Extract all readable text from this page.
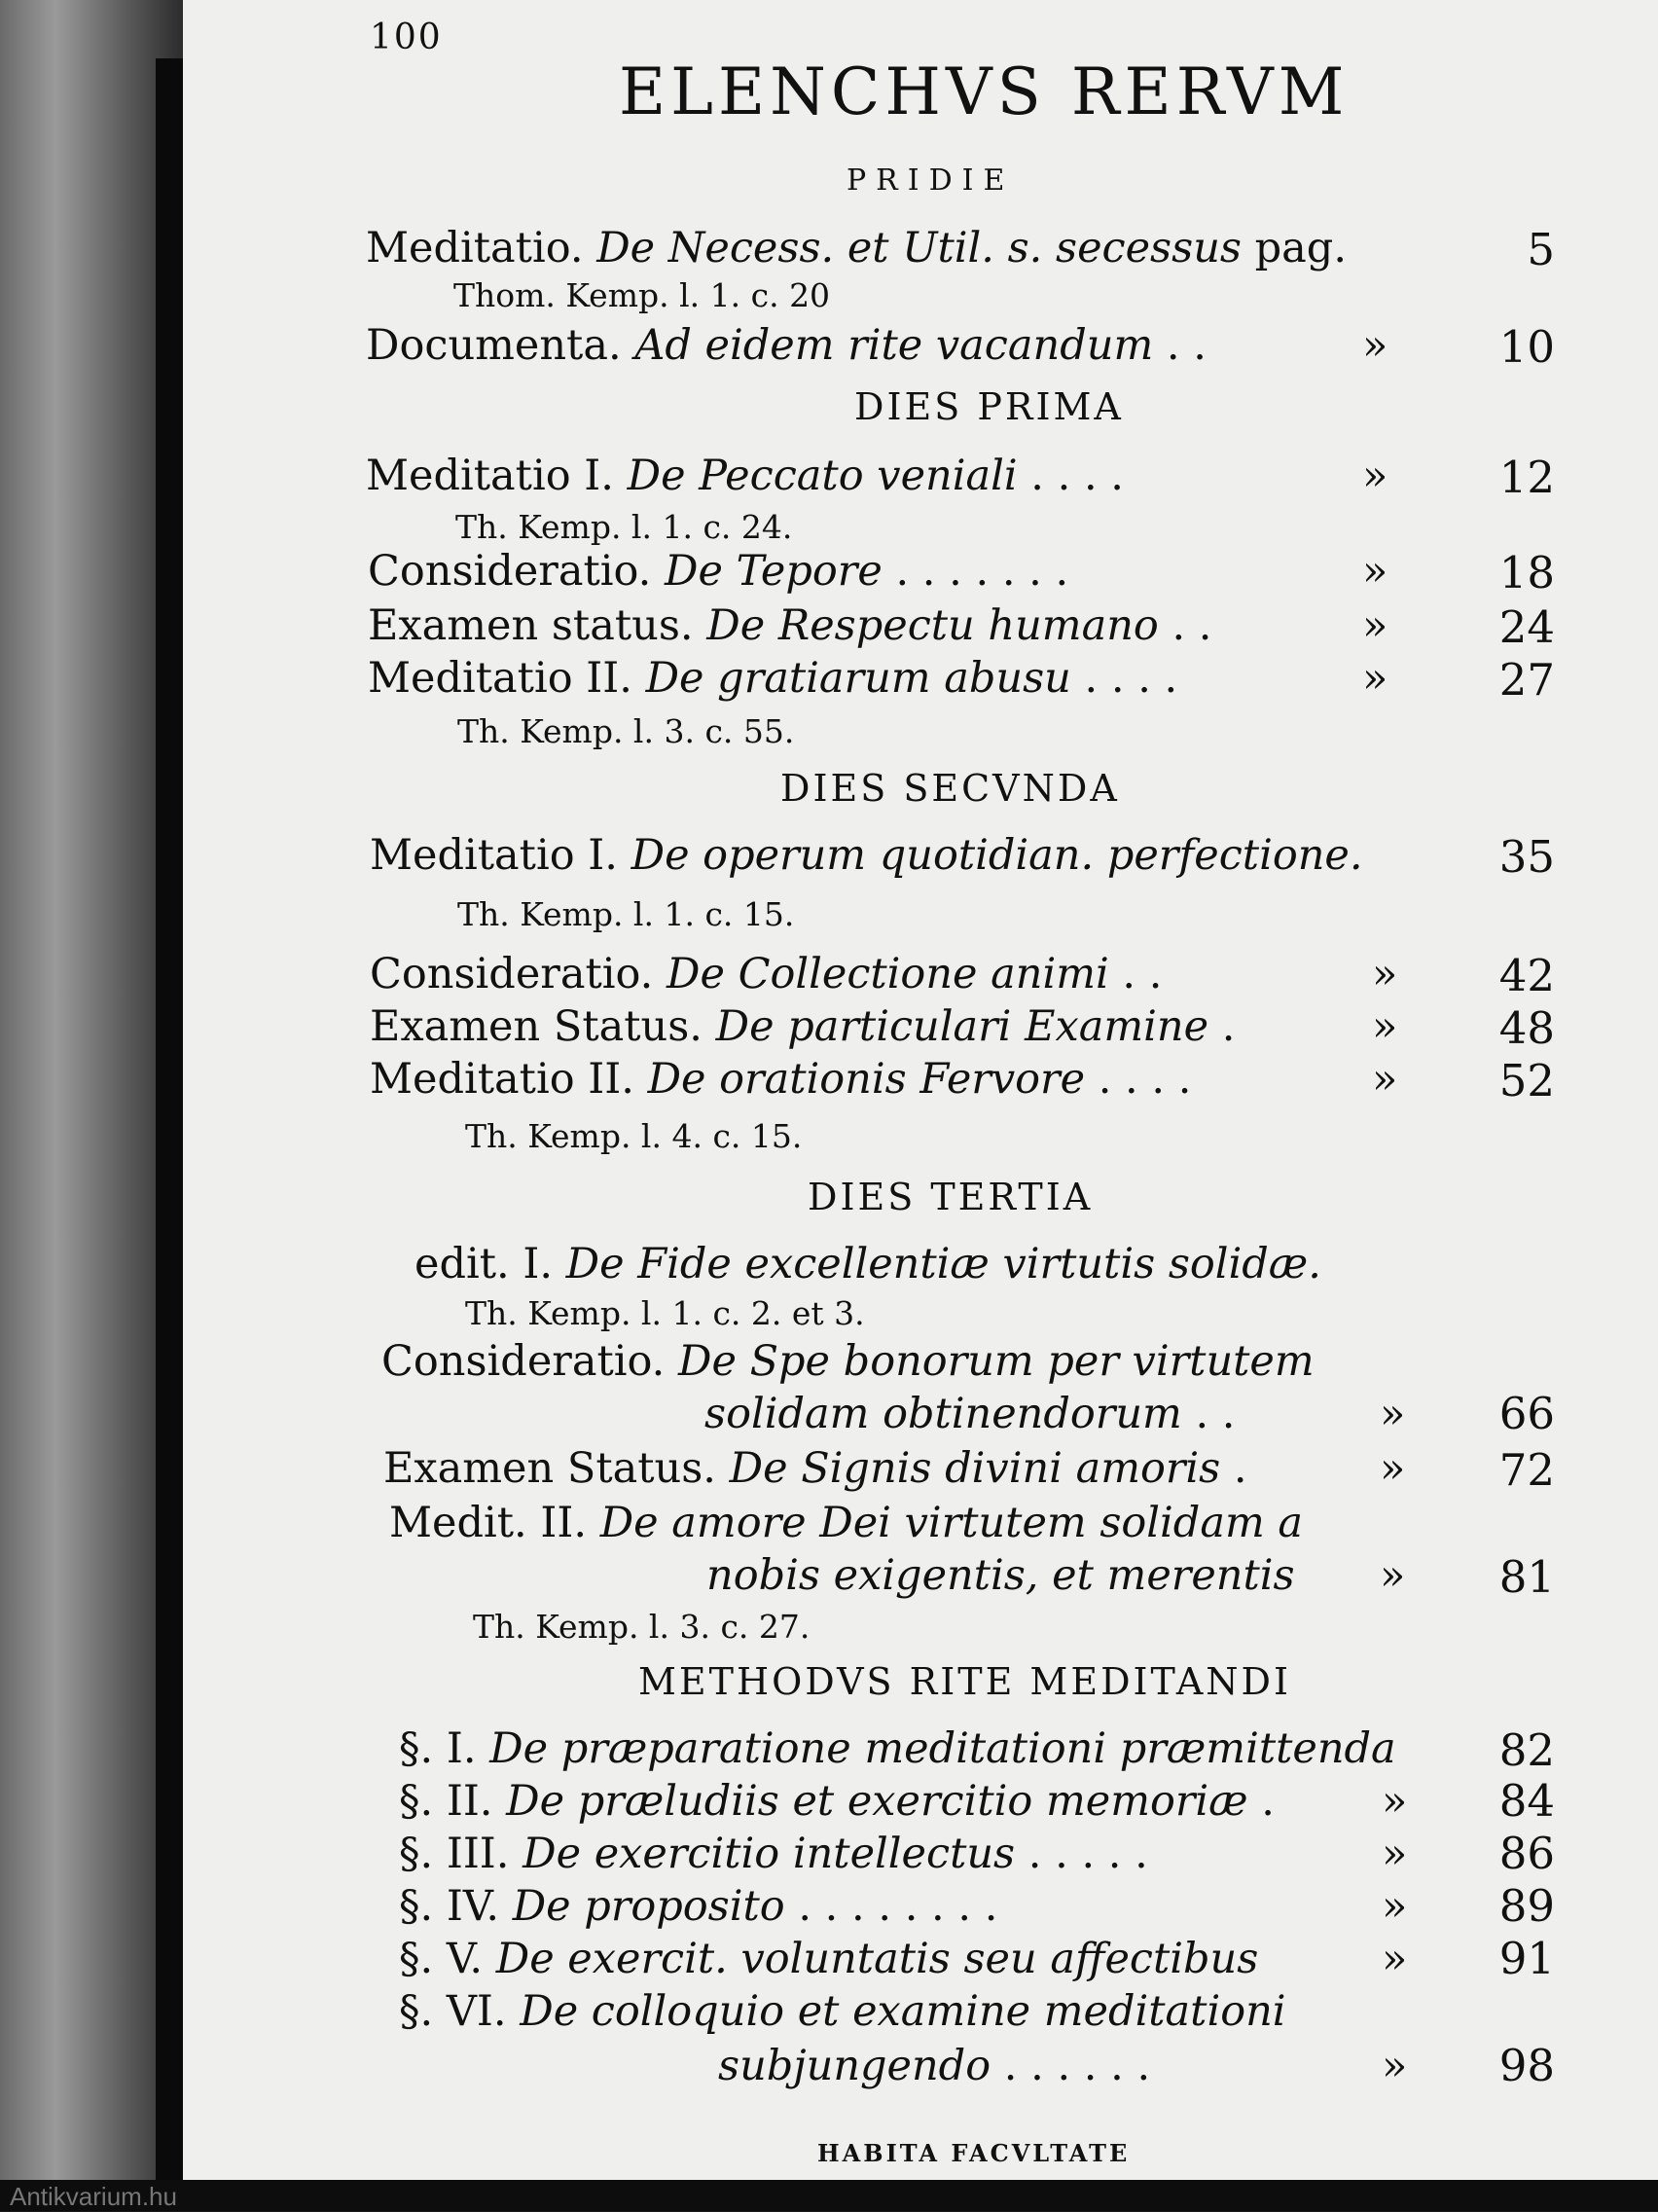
100
ELENCHVS RERVM
PRIDIE
Meditatio. De Necess. et Util. s. secessus pag.	5
Thom. Kemp. l. 1. c. 20
Documenta. Ad eidem rite vacandum . .	»	10
DIES PRIMA
Meditatio I. De Peccato veniali . . . .	»	12
Th. Kemp. l. 1. c. 24.
Consideratio. De Tepore . . . . . . .	»	18
Examen status. De Respectu humano . .	»	24
Meditatio II. De gratiarum abusu . . . .	»	27
Th. Kemp. l. 3. c. 55.
DIES SECVNDA
Meditatio I. De operum quotidian. perfectione.	35
Th. Kemp. l. 1. c. 15.
Consideratio. De Collectione animi . .	»	42
Examen Status. De particulari Examine .	»	48
Meditatio II. De orationis Fervore . . . .	»	52
Th. Kemp. l. 4. c. 15.
DIES TERTIA
edit. I. De Fide excellentiæ virtutis solidæ.
Th. Kemp. l. 1. c. 2. et 3.
Consideratio. De Spe bonorum per virtutem
solidam obtinendorum . .	»	66
Examen Status. De Signis divini amoris .	»	72
Medit. II. De amore Dei virtutem solidam a
nobis exigentis, et merentis »	81
Th. Kemp. l. 3. c. 27.
METHODVS RITE MEDITANDI
§. I. De præparatione meditationi præmittenda	82
§. II. De præludiis et exercitio memoriæ .	»	84
§. III. De exercitio intellectus . . . . .	»	86
§. IV. De proposito . . . . . . . .	»	89
§. V. De exercit. voluntatis seu affectibus	»	91
§. VI. De colloquio et examine meditationi
subjungendo . . . . . .	»	98
HABITA FACVLTATE
Antikvarium.hu
